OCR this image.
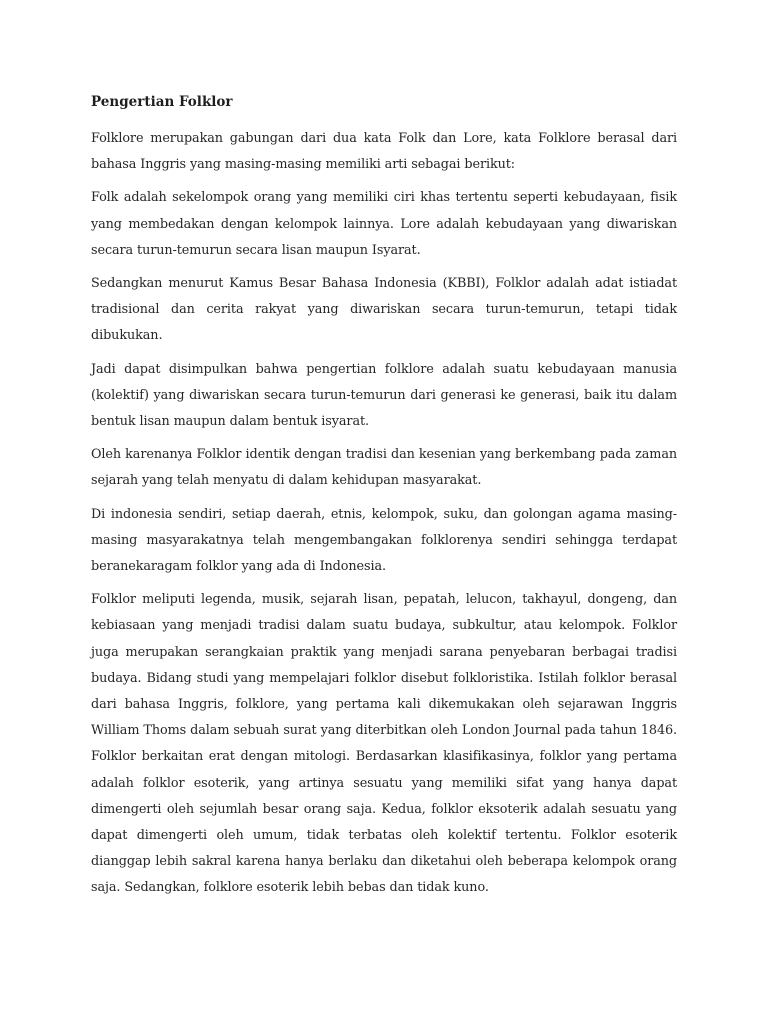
Pengertian Folklor

Folklore merupakan gabungan dari dua kata Folk dan Lore, kata Folklore berasal dari bahasa Inggris yang masing-masing memiliki arti sebagai berikut:

Folk adalah sekelompok orang yang memiliki ciri khas tertentu seperti kebudayaan, fisik yang membedakan dengan kelompok lainnya. Lore adalah kebudayaan yang diwariskan secara turun-temurun secara lisan maupun Isyarat.

Sedangkan menurut Kamus Besar Bahasa Indonesia (KBBI), Folklor adalah adat istiadat tradisional dan cerita rakyat yang diwariskan secara turun-temurun, tetapi tidak dibukukan.

Jadi dapat disimpulkan bahwa pengertian folklore adalah suatu kebudayaan manusia (kolektif) yang diwariskan secara turun-temurun dari generasi ke generasi, baik itu dalam bentuk lisan maupun dalam bentuk isyarat.

Oleh karenanya Folklor identik dengan tradisi dan kesenian yang berkembang pada zaman sejarah yang telah menyatu di dalam kehidupan masyarakat.

Di indonesia sendiri, setiap daerah, etnis, kelompok, suku, dan golongan agama masing-masing masyarakatnya telah mengembangakan folklorenya sendiri sehingga terdapat beranekaragam folklor yang ada di Indonesia.

Folklor meliputi legenda, musik, sejarah lisan, pepatah, lelucon, takhayul, dongeng, dan kebiasaan yang menjadi tradisi dalam suatu budaya, subkultur, atau kelompok. Folklor juga merupakan serangkaian praktik yang menjadi sarana penyebaran berbagai tradisi budaya. Bidang studi yang mempelajari folklor disebut folkloristika. Istilah folklor berasal dari bahasa Inggris, folklore, yang pertama kali dikemukakan oleh sejarawan Inggris William Thoms dalam sebuah surat yang diterbitkan oleh London Journal pada tahun 1846. Folklor berkaitan erat dengan mitologi. Berdasarkan klasifikasinya, folklor yang pertama adalah folklor esoterik, yang artinya sesuatu yang memiliki sifat yang hanya dapat dimengerti oleh sejumlah besar orang saja. Kedua, folklor eksoterik adalah sesuatu yang dapat dimengerti oleh umum, tidak terbatas oleh kolektif tertentu. Folklor esoterik dianggap lebih sakral karena hanya berlaku dan diketahui oleh beberapa kelompok orang saja. Sedangkan, folklore esoterik lebih bebas dan tidak kuno.
